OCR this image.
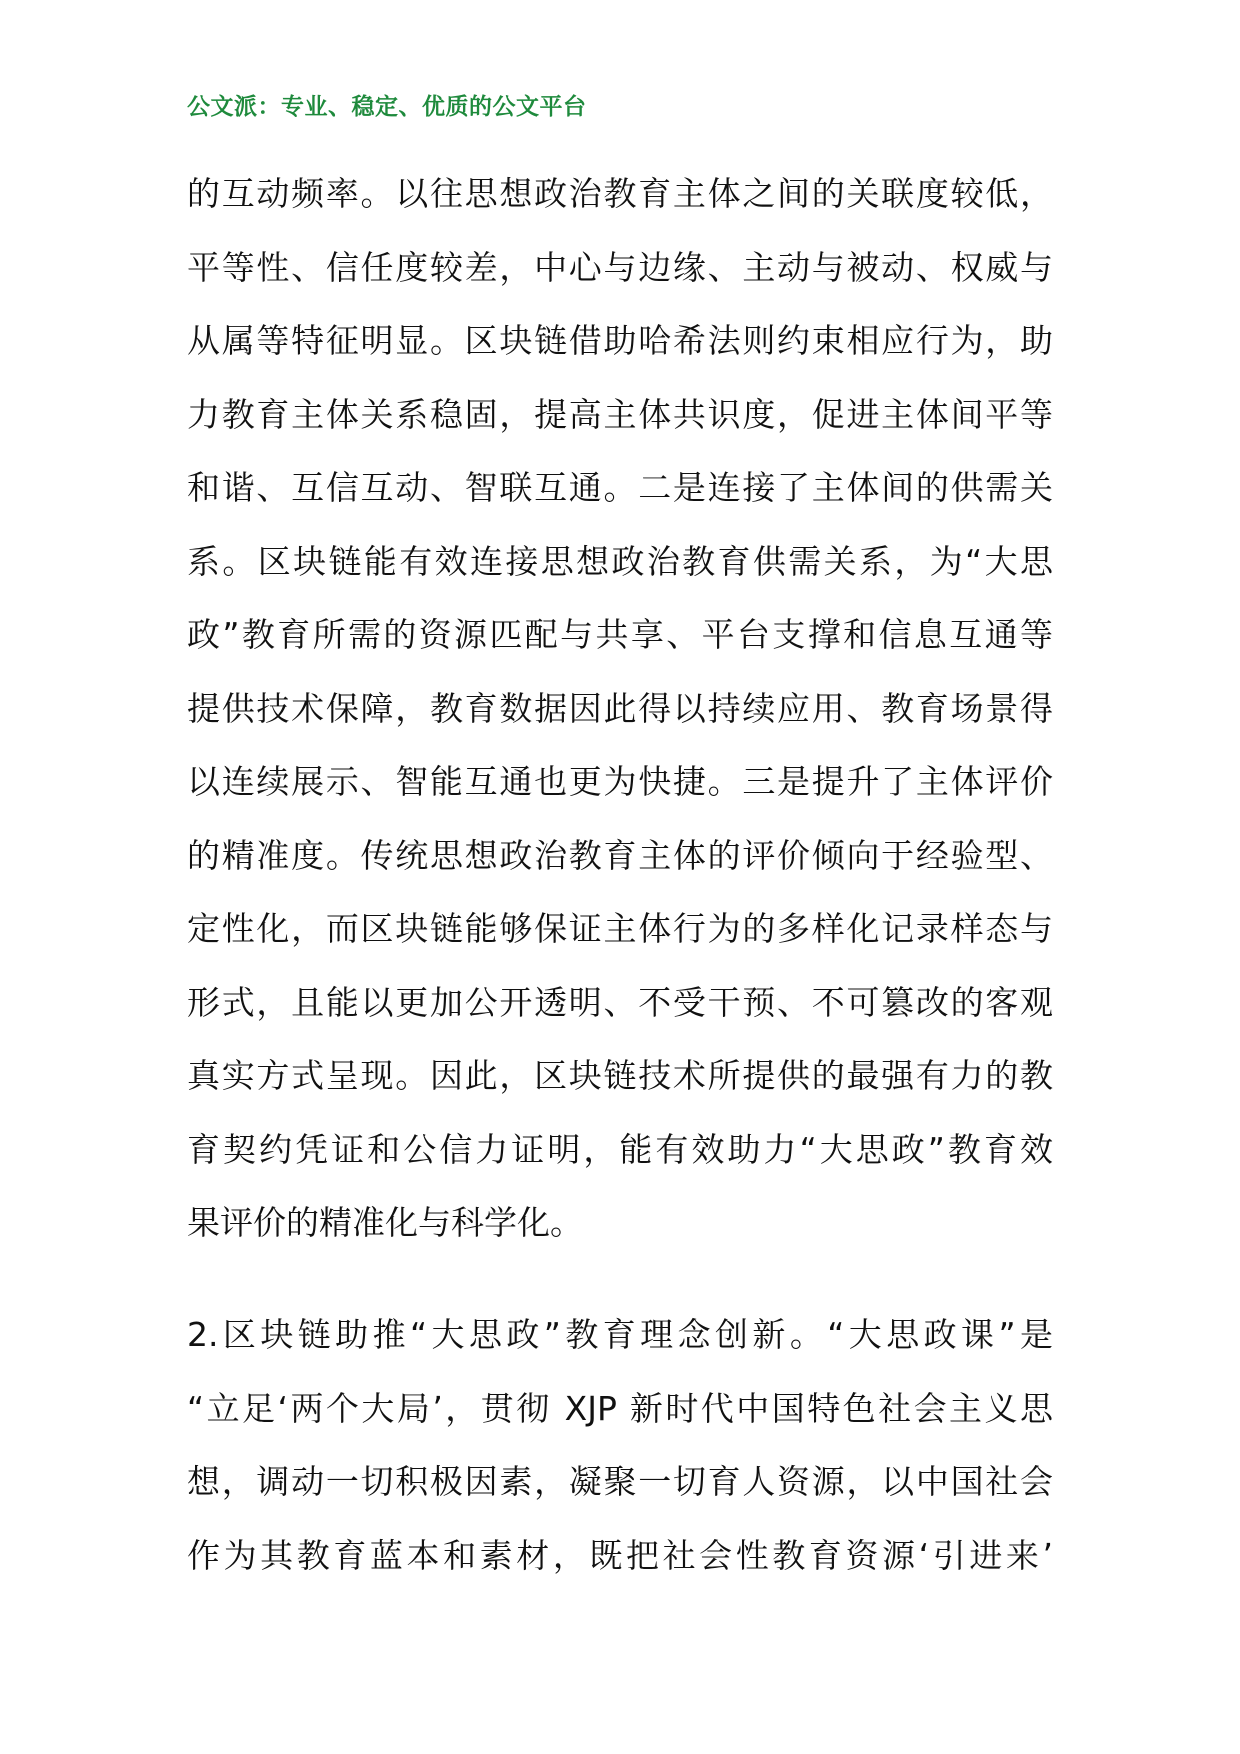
公文派：专业、稳定、优质的公文平台
的互动频率。以往思想政治教育主体之间的关联度较低，
平等性、信任度较差，中心与边缘、主动与被动、权威与
从属等特征明显。区块链借助哈希法则约束相应行为，助
力教育主体关系稳固，提高主体共识度，促进主体间平等
和谐、互信互动、智联互通。二是连接了主体间的供需关
系。区块链能有效连接思想政治教育供需关系，为“大思
政”教育所需的资源匹配与共享、平台支撑和信息互通等
提供技术保障，教育数据因此得以持续应用、教育场景得
以连续展示、智能互通也更为快捷。三是提升了主体评价
的精准度。传统思想政治教育主体的评价倾向于经验型、
定性化，而区块链能够保证主体行为的多样化记录样态与
形式，且能以更加公开透明、不受干预、不可篡改的客观
真实方式呈现。因此，区块链技术所提供的最强有力的教
育契约凭证和公信力证明，能有效助力“大思政”教育效
果评价的精准化与科学化。
2.区块链助推“大思政”教育理念创新。“大思政课”是
“立足‘两个大局’，贯彻 XJP 新时代中国特色社会主义思
想，调动一切积极因素，凝聚一切育人资源，以中国社会
作为其教育蓝本和素材，既把社会性教育资源‘引进来’
